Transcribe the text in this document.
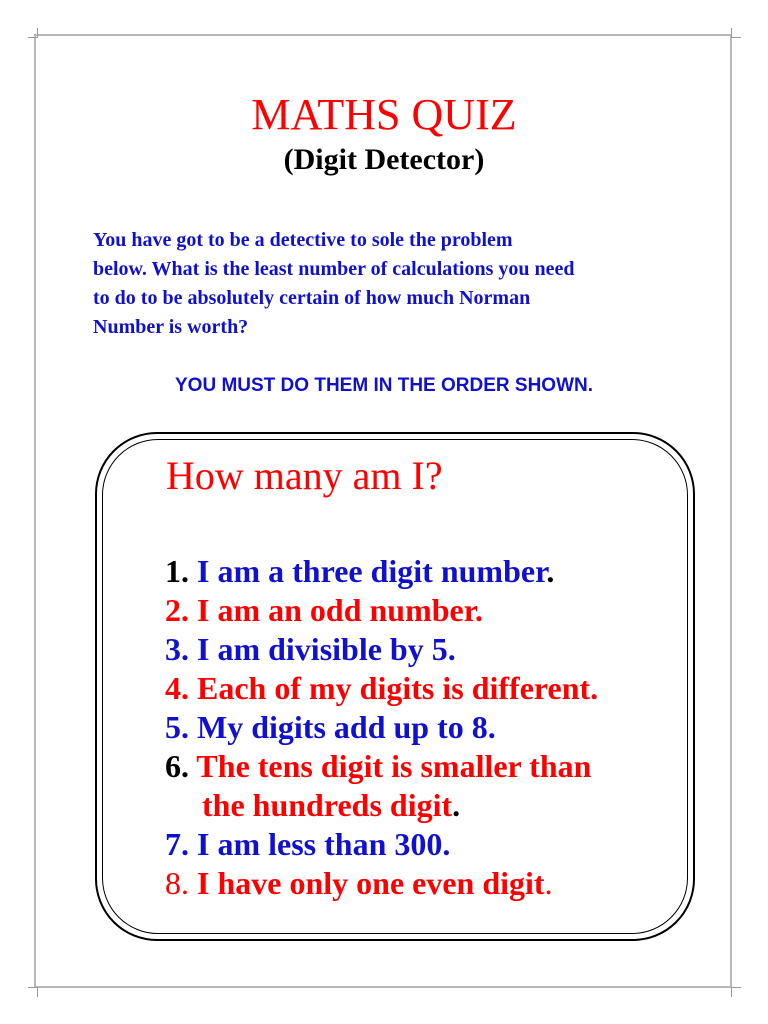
MATHS QUIZ
(Digit Detector)
You have got to be a detective to sole the problem
below. What is the least number of calculations you need
to do to be absolutely certain of how much Norman
Number is worth?
YOU MUST DO THEM IN THE ORDER SHOWN.
How many am I?
1. I am a three digit number.
2. I am an odd number.
3. I am divisible by 5.
4. Each of my digits is different.
5. My digits add up to 8.
6. The tens digit is smaller than
the hundreds digit.
7. I am less than 300.
8. I have only one even digit.
